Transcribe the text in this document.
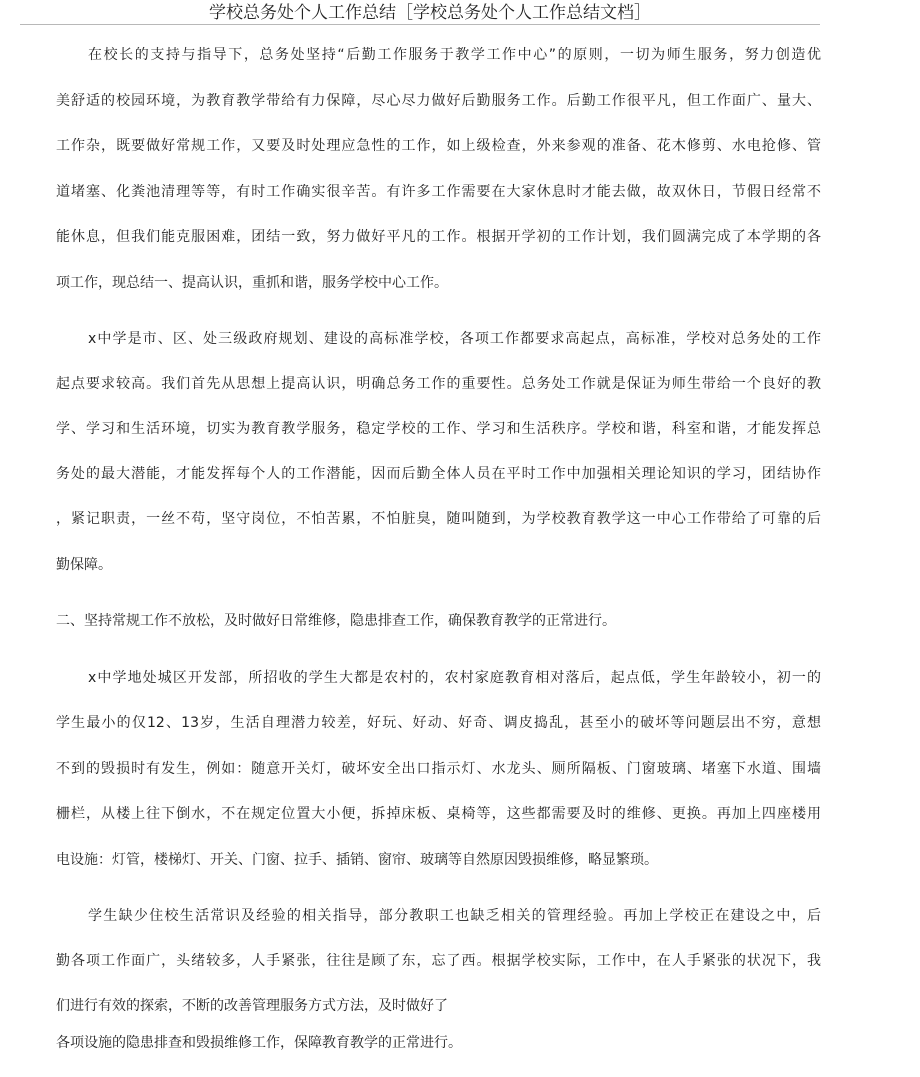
学校总务处个人工作总结［学校总务处个人工作总结文档］
在校长的支持与指导下，总务处坚持“后勤工作服务于教学工作中心”的原则，一切为师生服务，努力创造优
美舒适的校园环境，为教育教学带给有力保障，尽心尽力做好后勤服务工作。后勤工作很平凡，但工作面广、量大、
工作杂，既要做好常规工作，又要及时处理应急性的工作，如上级检查，外来参观的准备、花木修剪、水电抢修、管
道堵塞、化粪池清理等等，有时工作确实很辛苦。有许多工作需要在大家休息时才能去做，故双休日，节假日经常不
能休息，但我们能克服困难，团结一致，努力做好平凡的工作。根据开学初的工作计划，我们圆满完成了本学期的各
项工作，现总结一、提高认识，重抓和谐，服务学校中心工作。
x中学是市、区、处三级政府规划、建设的高标准学校，各项工作都要求高起点，高标准，学校对总务处的工作
起点要求较高。我们首先从思想上提高认识，明确总务工作的重要性。总务处工作就是保证为师生带给一个良好的教
学、学习和生活环境，切实为教育教学服务，稳定学校的工作、学习和生活秩序。学校和谐，科室和谐，才能发挥总
务处的最大潜能，才能发挥每个人的工作潜能，因而后勤全体人员在平时工作中加强相关理论知识的学习，团结协作
，紧记职责，一丝不苟，坚守岗位，不怕苦累，不怕脏臭，随叫随到，为学校教育教学这一中心工作带给了可靠的后
勤保障。
二、坚持常规工作不放松，及时做好日常维修，隐患排查工作，确保教育教学的正常进行。
x中学地处城区开发部，所招收的学生大都是农村的，农村家庭教育相对落后，起点低，学生年龄较小，初一的
学生最小的仅12、13岁，生活自理潜力较差，好玩、好动、好奇、调皮捣乱，甚至小的破坏等问题层出不穷，意想
不到的毁损时有发生，例如：随意开关灯，破坏安全出口指示灯、水龙头、厕所隔板、门窗玻璃、堵塞下水道、围墙
栅栏，从楼上往下倒水，不在规定位置大小便，拆掉床板、桌椅等，这些都需要及时的维修、更换。再加上四座楼用
电设施：灯管，楼梯灯、开关、门窗、拉手、插销、窗帘、玻璃等自然原因毁损维修，略显繁琐。
学生缺少住校生活常识及经验的相关指导，部分教职工也缺乏相关的管理经验。再加上学校正在建设之中，后
勤各项工作面广，头绪较多，人手紧张，往往是顾了东，忘了西。根据学校实际，工作中，在人手紧张的状况下，我
们进行有效的探索，不断的改善管理服务方式方法，及时做好了
各项设施的隐患排查和毁损维修工作，保障教育教学的正常进行。
